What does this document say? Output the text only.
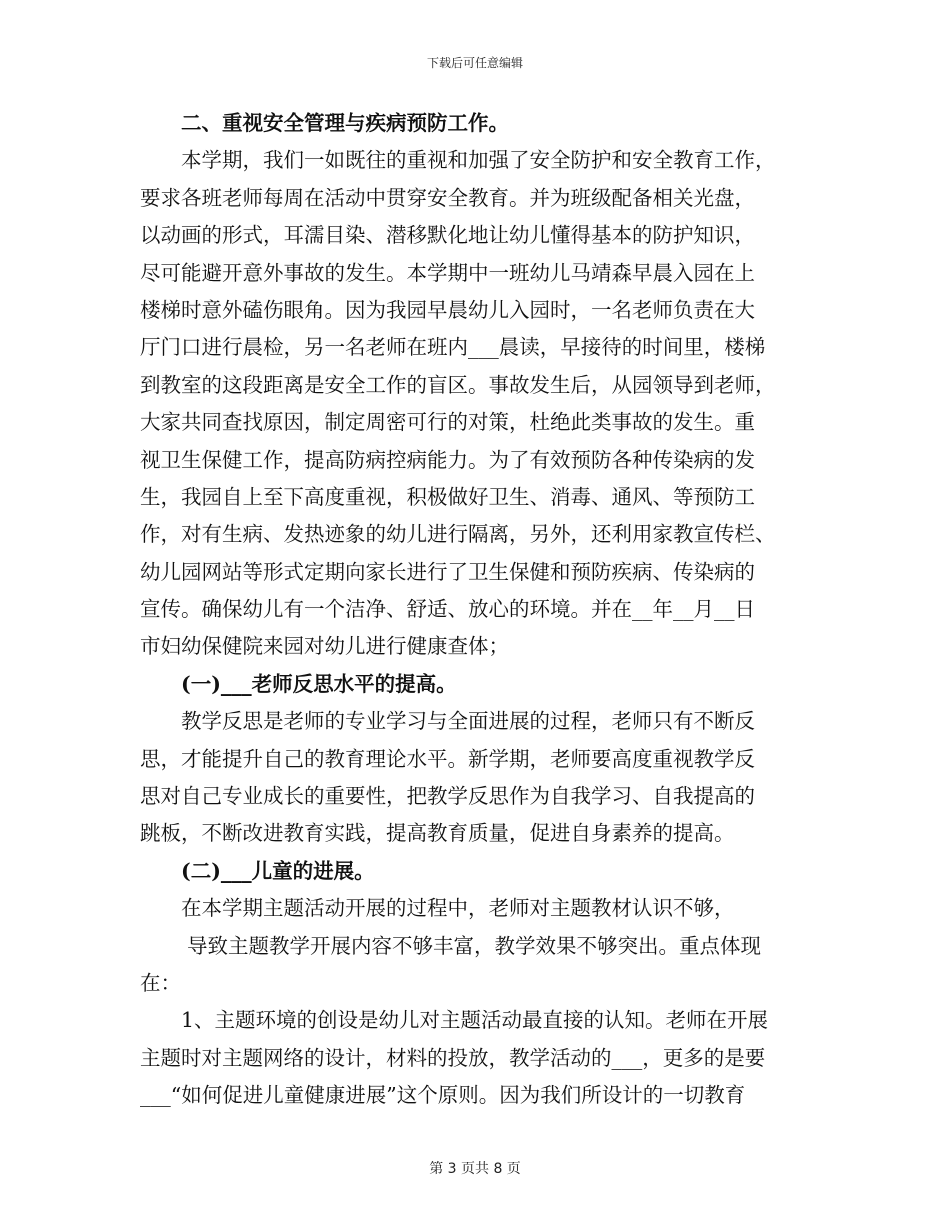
下载后可任意编辑
二、重视安全管理与疾病预防工作。
本学期，我们一如既往的重视和加强了安全防护和安全教育工作，
要求各班老师每周在活动中贯穿安全教育。并为班级配备相关光盘，
以动画的形式，耳濡目染、潜移默化地让幼儿懂得基本的防护知识，
尽可能避开意外事故的发生。本学期中一班幼儿马靖森早晨入园在上
楼梯时意外磕伤眼角。因为我园早晨幼儿入园时，一名老师负责在大
厅门口进行晨检，另一名老师在班内___晨读，早接待的时间里，楼梯
到教室的这段距离是安全工作的盲区。事故发生后，从园领导到老师，
大家共同查找原因，制定周密可行的对策，杜绝此类事故的发生。重
视卫生保健工作，提高防病控病能力。为了有效预防各种传染病的发
生，我园自上至下高度重视，积极做好卫生、消毒、通风、等预防工
作，对有生病、发热迹象的幼儿进行隔离，另外，还利用家教宣传栏、
幼儿园网站等形式定期向家长进行了卫生保健和预防疾病、传染病的
宣传。确保幼儿有一个洁净、舒适、放心的环境。并在__年__月__日
市妇幼保健院来园对幼儿进行健康查体；
(一)___老师反思水平的提高。
教学反思是老师的专业学习与全面进展的过程，老师只有不断反
思，才能提升自己的教育理论水平。新学期，老师要高度重视教学反
思对自己专业成长的重要性，把教学反思作为自我学习、自我提高的
跳板，不断改进教育实践，提高教育质量，促进自身素养的提高。
(二)___儿童的进展。
在本学期主题活动开展的过程中，老师对主题教材认识不够，
导致主题教学开展内容不够丰富，教学效果不够突出。重点体现
在：
1、主题环境的创设是幼儿对主题活动最直接的认知。老师在开展
主题时对主题网络的设计，材料的投放，教学活动的___，更多的是要
___“如何促进儿童健康进展”这个原则。因为我们所设计的一切教育
第 3 页共 8 页
